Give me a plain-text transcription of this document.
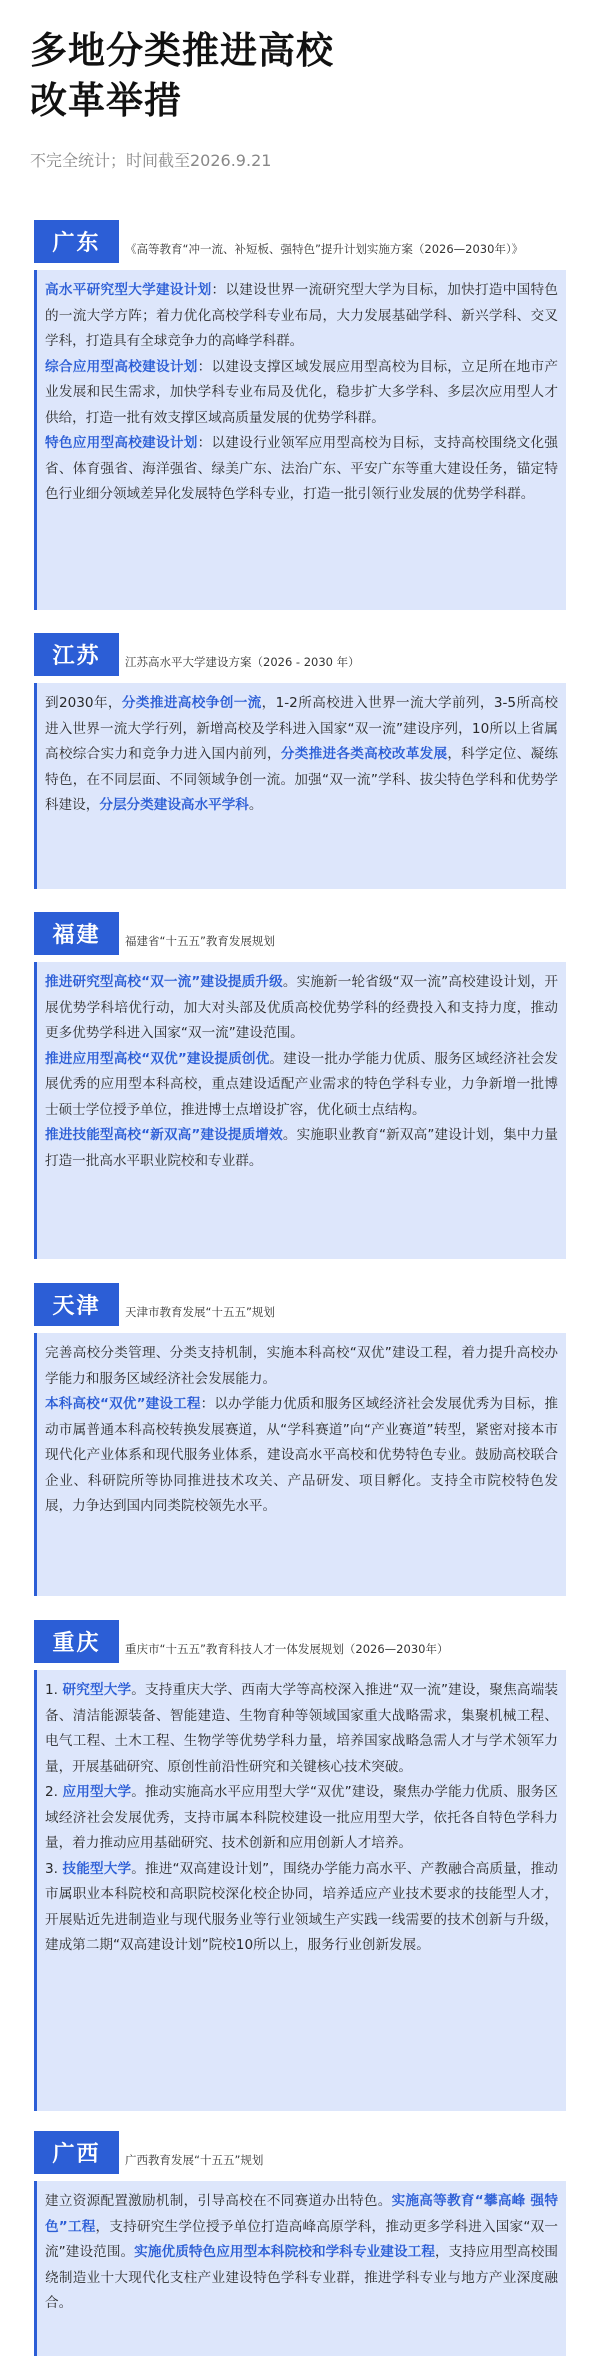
多地分类推进高校
改革举措
不完全统计；时间截至2026.9.21
广东	《高等教育“冲一流、补短板、强特色”提升计划实施方案（2026—2030年）》

高水平研究型大学建设计划：以建设世界一流研究型大学为目标，加快打造中国特色的一流大学方阵；着力优化高校学科专业布局，大力发展基础学科、新兴学科、交叉学科，打造具有全球竞争力的高峰学科群。

综合应用型高校建设计划：以建设支撑区域发展应用型高校为目标，立足所在地市产业发展和民生需求，加快学科专业布局及优化，稳步扩大多学科、多层次应用型人才供给，打造一批有效支撑区域高质量发展的优势学科群。

特色应用型高校建设计划：以建设行业领军应用型高校为目标，支持高校围绕文化强省、体育强省、海洋强省、绿美广东、法治广东、平安广东等重大建设任务，锚定特色行业细分领域差异化发展特色学科专业，打造一批引领行业发展的优势学科群。

江苏	江苏高水平大学建设方案（2026 - 2030 年）

到2030年，分类推进高校争创一流，1-2所高校进入世界一流大学前列，3-5所高校进入世界一流大学行列，新增高校及学科进入国家“双一流”建设序列，10所以上省属高校综合实力和竞争力进入国内前列，分类推进各类高校改革发展，科学定位、凝练特色，在不同层面、不同领域争创一流。加强“双一流”学科、拔尖特色学科和优势学科建设，分层分类建设高水平学科。

福建	福建省“十五五”教育发展规划

推进研究型高校“双一流”建设提质升级。实施新一轮省级“双一流”高校建设计划，开展优势学科培优行动，加大对头部及优质高校优势学科的经费投入和支持力度，推动更多优势学科进入国家“双一流”建设范围。

推进应用型高校“双优”建设提质创优。建设一批办学能力优质、服务区域经济社会发展优秀的应用型本科高校，重点建设适配产业需求的特色学科专业，力争新增一批博士硕士学位授予单位，推进博士点增设扩容，优化硕士点结构。

推进技能型高校“新双高”建设提质增效。实施职业教育“新双高”建设计划，集中力量打造一批高水平职业院校和专业群。

天津	天津市教育发展“十五五”规划

完善高校分类管理、分类支持机制，实施本科高校“双优”建设工程，着力提升高校办学能力和服务区域经济社会发展能力。

本科高校“双优”建设工程：以办学能力优质和服务区域经济社会发展优秀为目标，推动市属普通本科高校转换发展赛道，从“学科赛道”向“产业赛道”转型，紧密对接本市现代化产业体系和现代服务业体系，建设高水平高校和优势特色专业。鼓励高校联合企业、科研院所等协同推进技术攻关、产品研发、项目孵化。支持全市院校特色发展，力争达到国内同类院校领先水平。

重庆	重庆市“十五五”教育科技人才一体发展规划（2026—2030年）

1. 研究型大学。支持重庆大学、西南大学等高校深入推进“双一流”建设，聚焦高端装备、清洁能源装备、智能建造、生物育种等领域国家重大战略需求，集聚机械工程、电气工程、土木工程、生物学等优势学科力量，培养国家战略急需人才与学术领军力量，开展基础研究、原创性前沿性研究和关键核心技术突破。

2. 应用型大学。推动实施高水平应用型大学“双优”建设，聚焦办学能力优质、服务区域经济社会发展优秀，支持市属本科院校建设一批应用型大学，依托各自特色学科力量，着力推动应用基础研究、技术创新和应用创新人才培养。

3. 技能型大学。推进“双高建设计划”，围绕办学能力高水平、产教融合高质量，推动市属职业本科院校和高职院校深化校企协同，培养适应产业技术要求的技能型人才，开展贴近先进制造业与现代服务业等行业领域生产实践一线需要的技术创新与升级，建成第二期“双高建设计划”院校10所以上，服务行业创新发展。

广西	广西教育发展“十五五”规划

建立资源配置激励机制，引导高校在不同赛道办出特色。实施高等教育“攀高峰 强特色”工程，支持研究生学位授予单位打造高峰高原学科，推动更多学科进入国家“双一流”建设范围。实施优质特色应用型本科院校和学科专业建设工程，支持应用型高校围绕制造业十大现代化支柱产业建设特色学科专业群，推进学科专业与地方产业深度融合。
